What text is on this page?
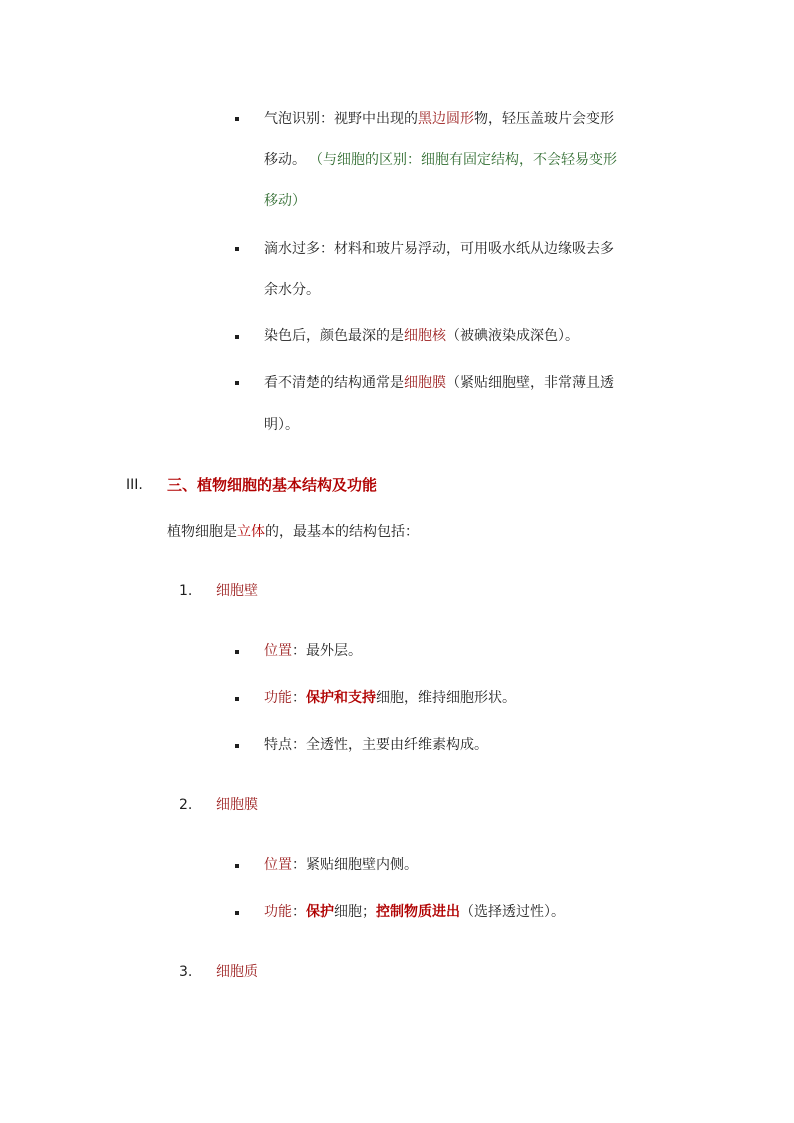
气泡识别：视野中出现的黑边圆形物，轻压盖玻片会变形
移动。 （与细胞的区别：细胞有固定结构，不会轻易变形
移动）
滴水过多：材料和玻片易浮动，可用吸水纸从边缘吸去多
余水分。
染色后，颜色最深的是细胞核（被碘液染成深色）。
看不清楚的结构通常是细胞膜（紧贴细胞壁，非常薄且透
明）。
III. 三、植物细胞的基本结构及功能
植物细胞是立体的，最基本的结构包括：
1. 细胞壁
位置：最外层。
功能：保护和支持细胞，维持细胞形状。
特点：全透性，主要由纤维素构成。
2. 细胞膜
位置：紧贴细胞壁内侧。
功能：保护细胞；控制物质进出（选择透过性）。
3. 细胞质
